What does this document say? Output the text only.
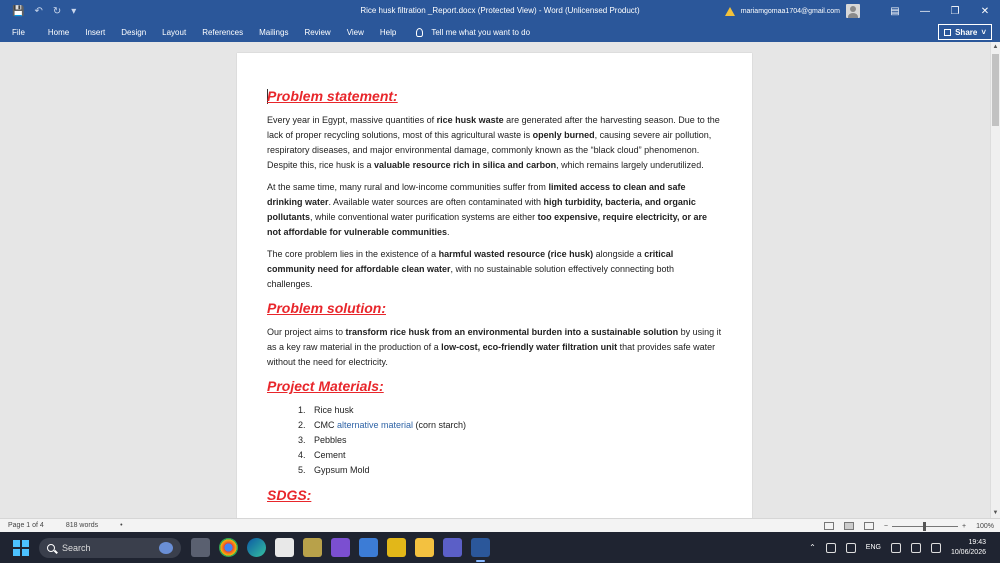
💾 ↶ ↻ ▾	Rice husk filtration _Report.docx (Protected View) - Word (Unlicensed Product)	mariamgomaa1704@gmail.com	▤	—	❐	✕
File	Home	Insert	Design	Layout	References	Mailings	Review	View	Help	Tell me what you want to do	Share ˅
Problem statement:
Every year in Egypt, massive quantities of rice husk waste are generated after the harvesting season. Due to the lack of proper recycling solutions, most of this agricultural waste is openly burned, causing severe air pollution, respiratory diseases, and major environmental damage, commonly known as the “black cloud” phenomenon. Despite this, rice husk is a valuable resource rich in silica and carbon, which remains largely underutilized.
At the same time, many rural and low-income communities suffer from limited access to clean and safe drinking water. Available water sources are often contaminated with high turbidity, bacteria, and organic pollutants, while conventional water purification systems are either too expensive, require electricity, or are not affordable for vulnerable communities.
The core problem lies in the existence of a harmful wasted resource (rice husk) alongside a critical community need for affordable clean water, with no sustainable solution effectively connecting both challenges.
Problem solution:
Our project aims to transform rice husk from an environmental burden into a sustainable solution by using it as a key raw material in the production of a low-cost, eco-friendly water filtration unit that provides safe water without the need for electricity.
Project Materials:
1. Rice husk
2. CMC alternative material (corn starch)
3. Pebbles
4. Cement
5. Gypsum Mold
SDGS:
▲
▼
Page 1 of 4	818 words	•	−	+ 100%
Search	⌃	ENG
19:43
10/06/2026
